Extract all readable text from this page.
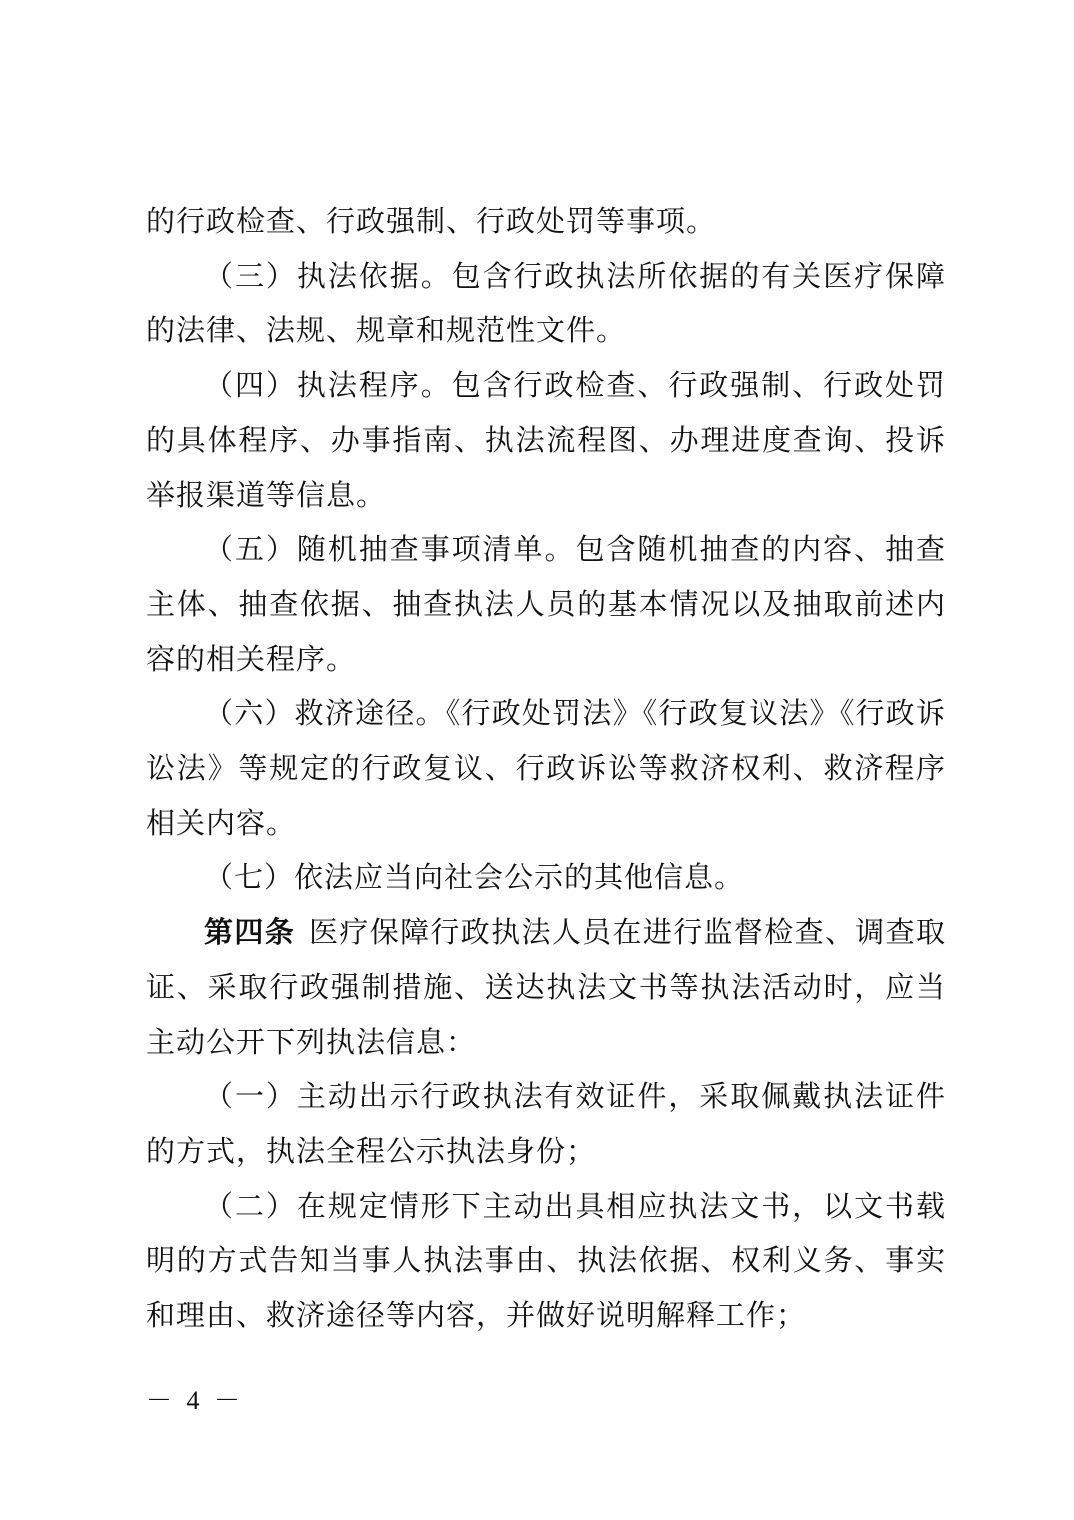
的行政检查、行政强制、行政处罚等事项。

（三）执法依据。包含行政执法所依据的有关医疗保障的法律、法规、规章和规范性文件。

（四）执法程序。包含行政检查、行政强制、行政处罚的具体程序、办事指南、执法流程图、办理进度查询、投诉举报渠道等信息。

（五）随机抽查事项清单。包含随机抽查的内容、抽查主体、抽查依据、抽查执法人员的基本情况以及抽取前述内容的相关程序。

（六）救济途径。《行政处罚法》《行政复议法》《行政诉讼法》等规定的行政复议、行政诉讼等救济权利、救济程序相关内容。

（七）依法应当向社会公示的其他信息。

第四条 医疗保障行政执法人员在进行监督检查、调查取证、采取行政强制措施、送达执法文书等执法活动时，应当主动公开下列执法信息：

（一）主动出示行政执法有效证件，采取佩戴执法证件的方式，执法全程公示执法身份；

（二）在规定情形下主动出具相应执法文书，以文书载明的方式告知当事人执法事由、执法依据、权利义务、事实和理由、救济途径等内容，并做好说明解释工作；

－ 4 －
